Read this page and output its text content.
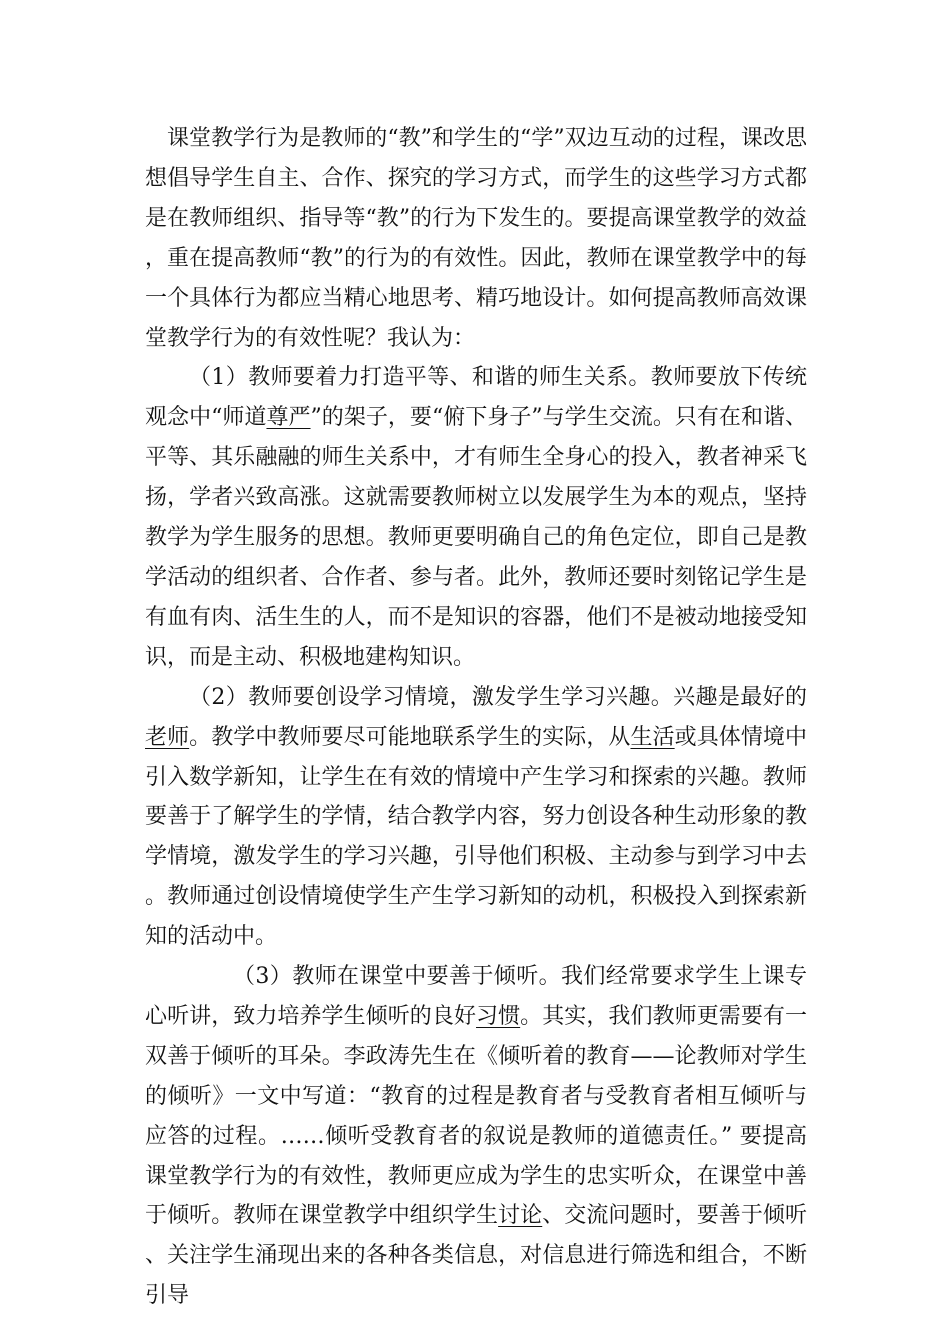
课堂教学行为是教师的“教”和学生的“学”双边互动的过程，课改思想倡导学生自主、合作、探究的学习方式，而学生的这些学习方式都是在教师组织、指导等“教”的行为下发生的。要提高课堂教学的效益，重在提高教师“教”的行为的有效性。因此，教师在课堂教学中的每一个具体行为都应当精心地思考、精巧地设计。如何提高教师高效课堂教学行为的有效性呢？我认为：

（1）教师要着力打造平等、和谐的师生关系。教师要放下传统观念中“师道尊严”的架子，要“俯下身子”与学生交流。只有在和谐、平等、其乐融融的师生关系中，才有师生全身心的投入，教者神采飞扬，学者兴致高涨。这就需要教师树立以发展学生为本的观点，坚持教学为学生服务的思想。教师更要明确自己的角色定位，即自己是教学活动的组织者、合作者、参与者。此外，教师还要时刻铭记学生是有血有肉、活生生的人，而不是知识的容器，他们不是被动地接受知识，而是主动、积极地建构知识。

（2）教师要创设学习情境，激发学生学习兴趣。兴趣是最好的老师。教学中教师要尽可能地联系学生的实际，从生活或具体情境中引入数学新知，让学生在有效的情境中产生学习和探索的兴趣。教师要善于了解学生的学情，结合教学内容，努力创设各种生动形象的教学情境，激发学生的学习兴趣，引导他们积极、主动参与到学习中去。教师通过创设情境使学生产生学习新知的动机，积极投入到探索新知的活动中。

（3）教师在课堂中要善于倾听。我们经常要求学生上课专心听讲，致力培养学生倾听的良好习惯。其实，我们教师更需要有一双善于倾听的耳朵。李政涛先生在《倾听着的教育——论教师对学生的倾听》一文中写道：“教育的过程是教育者与受教育者相互倾听与应答的过程。……倾听受教育者的叙说是教师的道德责任。” 要提高课堂教学行为的有效性，教师更应成为学生的忠实听众，在课堂中善于倾听。教师在课堂教学中组织学生讨论、交流问题时，要善于倾听、关注学生涌现出来的各种各类信息，对信息进行筛选和组合，不断引导
